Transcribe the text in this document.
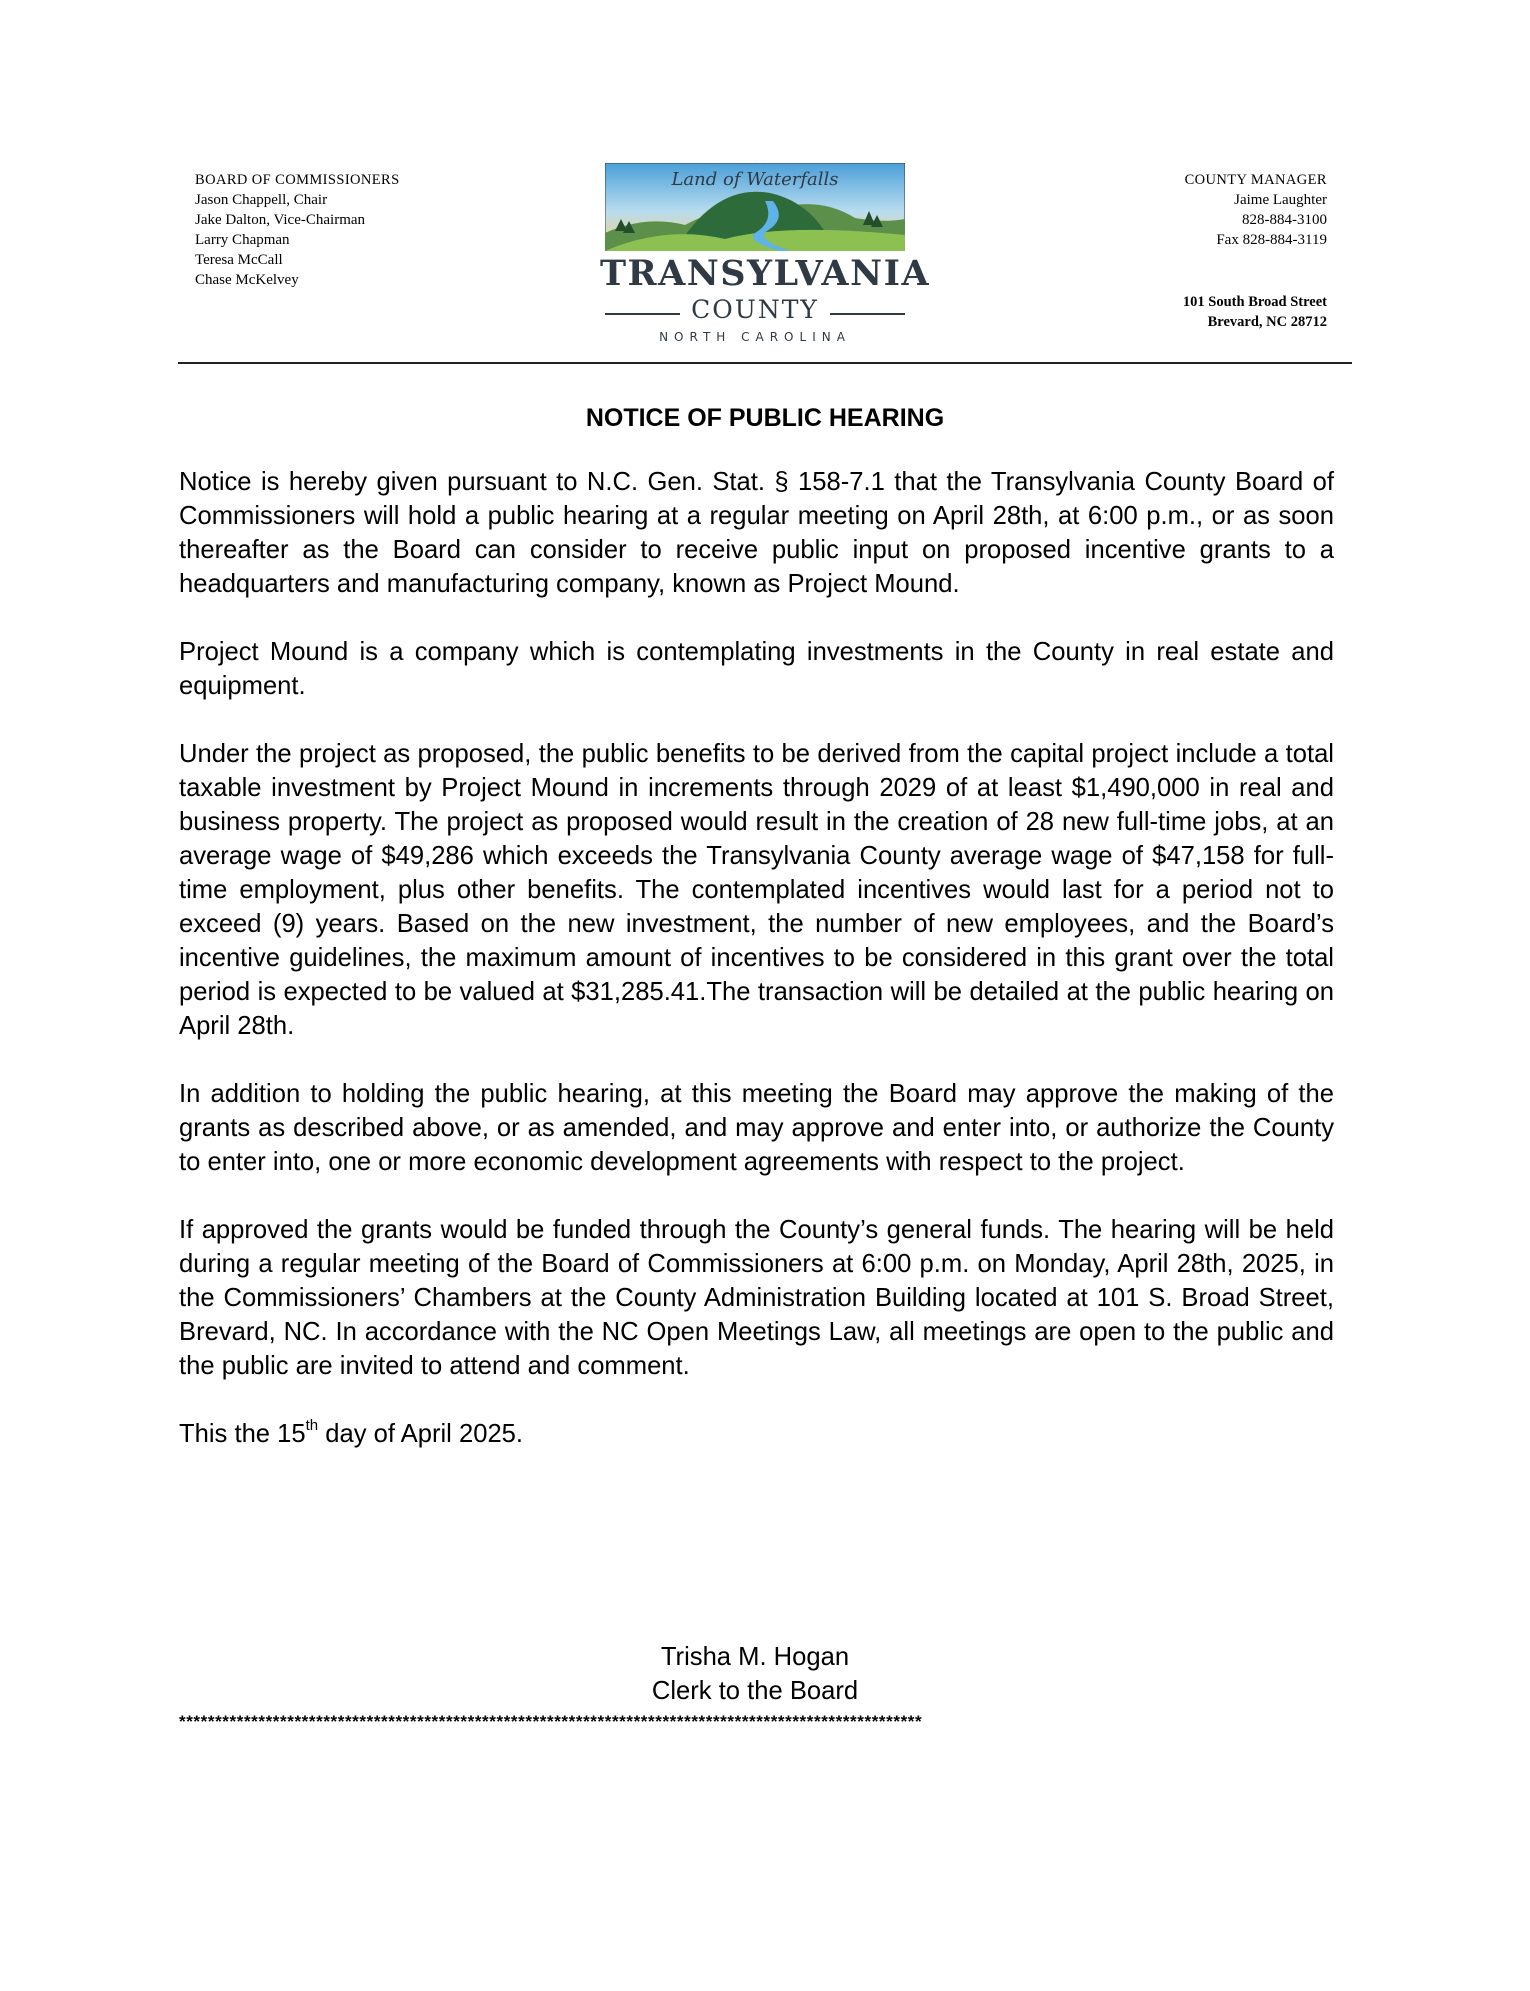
BOARD OF COMMISSIONERS
Jason Chappell, Chair
Jake Dalton, Vice-Chairman
Larry Chapman
Teresa McCall
Chase McKelvey
Land of Waterfalls
TRANSYLVANIA
COUNTY
NORTH CAROLINA
COUNTY MANAGER
Jaime Laughter
828-884-3100
Fax 828-884-3119
101 South Broad Street
Brevard, NC 28712
NOTICE OF PUBLIC HEARING

Notice is hereby given pursuant to N.C. Gen. Stat. § 158-7.1 that the Transylvania County Board of Commissioners will hold a public hearing at a regular meeting on April 28th, at 6:00 p.m., or as soon thereafter as the Board can consider to receive public input on proposed incentive grants to a headquarters and manufacturing company, known as Project Mound.

Project Mound is a company which is contemplating investments in the County in real estate and equipment.

Under the project as proposed, the public benefits to be derived from the capital project include a total taxable investment by Project Mound in increments through 2029 of at least $1,490,000 in real and business property. The project as proposed would result in the creation of 28 new full-time jobs, at an average wage of $49,286 which exceeds the Transylvania County average wage of $47,158 for full-time employment, plus other benefits. The contemplated incentives would last for a period not to exceed (9) years. Based on the new investment, the number of new employees, and the Board’s incentive guidelines, the maximum amount of incentives to be considered in this grant over the total period is expected to be valued at $31,285.41.The transaction will be detailed at the public hearing on April 28th.

In addition to holding the public hearing, at this meeting the Board may approve the making of the grants as described above, or as amended, and may approve and enter into, or authorize the County to enter into, one or more economic development agreements with respect to the project.

If approved the grants would be funded through the County’s general funds. The hearing will be held during a regular meeting of the Board of Commissioners at 6:00 p.m. on Monday, April 28th, 2025, in the Commissioners’ Chambers at the County Administration Building located at 101 S. Broad Street, Brevard, NC. In accordance with the NC Open Meetings Law, all meetings are open to the public and the public are invited to attend and comment.

This the 15th day of April 2025.

Trisha M. Hogan
Clerk to the Board
*******************************************************************************************************
